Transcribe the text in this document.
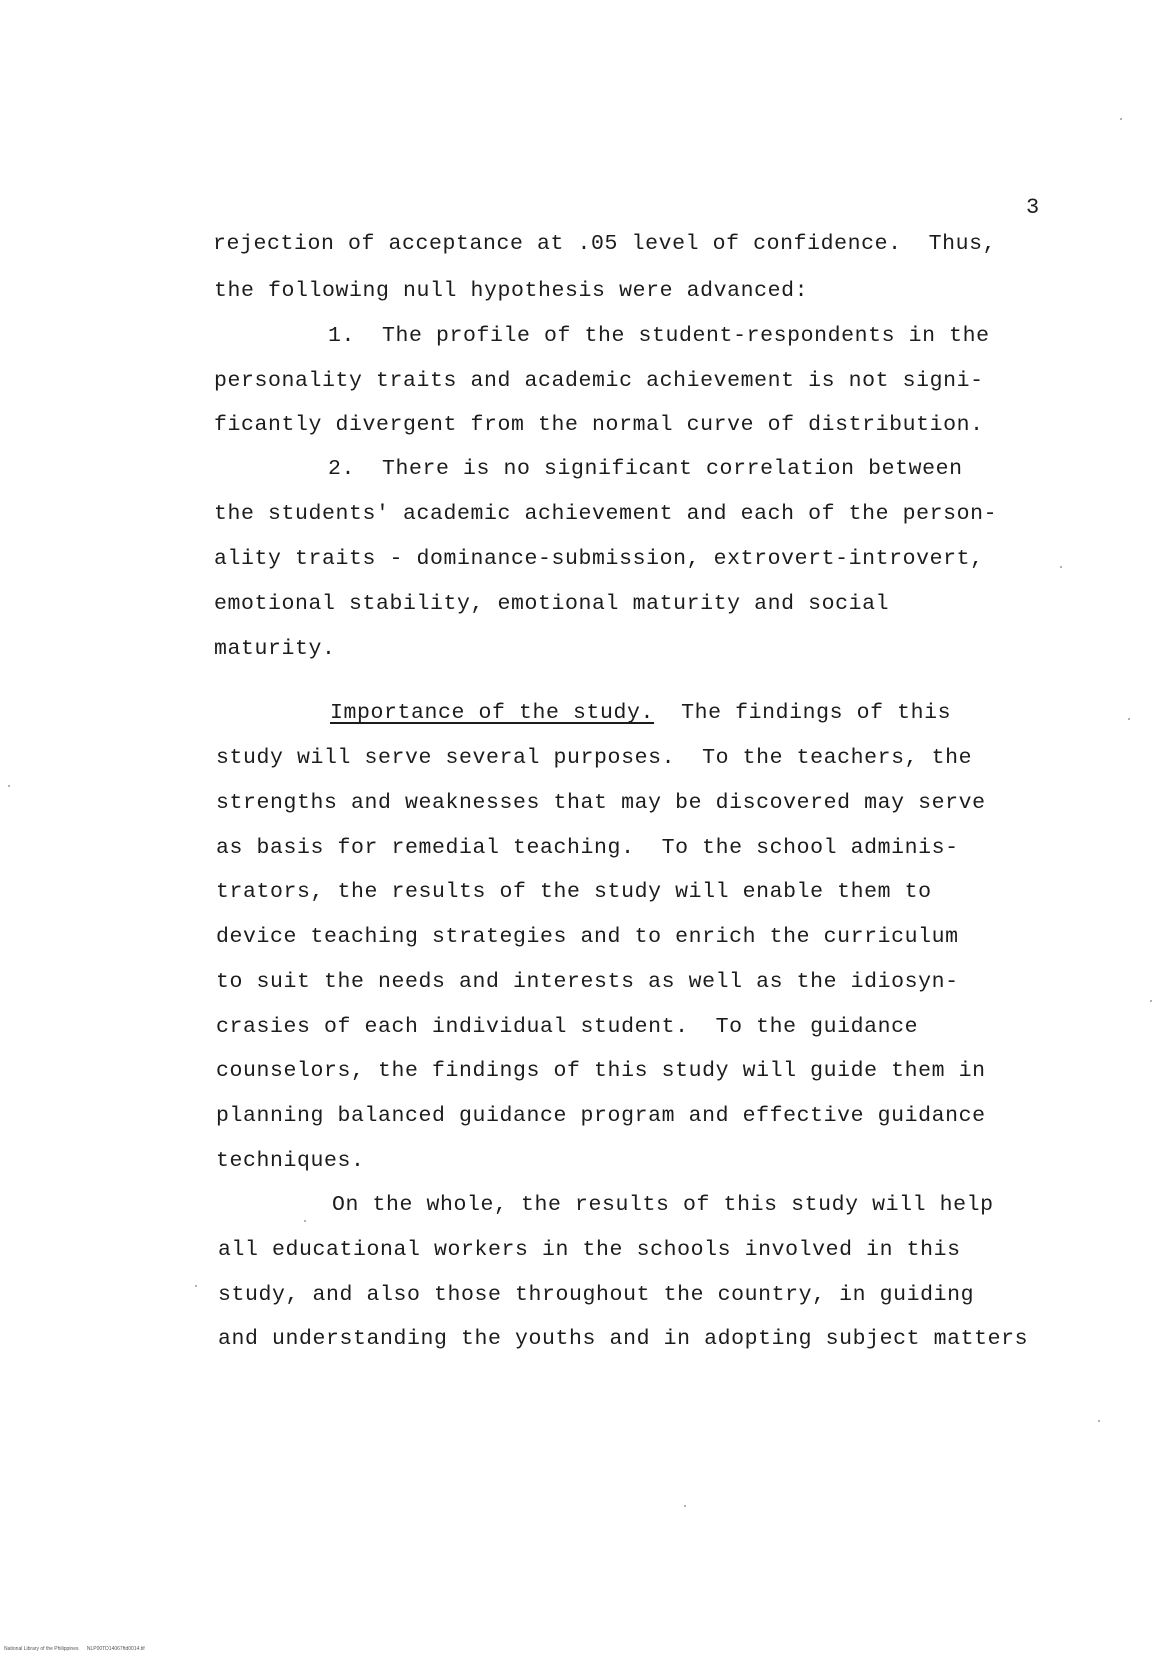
3
rejection of acceptance at .05 level of confidence.  Thus,
the following null hypothesis were advanced:
1.  The profile of the student-respondents in the
personality traits and academic achievement is not signi-
ficantly divergent from the normal curve of distribution.
2.  There is no significant correlation between
the students' academic achievement and each of the person-
ality traits - dominance-submission, extrovert-introvert,
emotional stability, emotional maturity and social
maturity.
Importance of the study.  The findings of this
study will serve several purposes.  To the teachers, the
strengths and weaknesses that may be discovered may serve
as basis for remedial teaching.  To the school adminis-
trators, the results of the study will enable them to
device teaching strategies and to enrich the curriculum
to suit the needs and interests as well as the idiosyn-
crasies of each individual student.  To the guidance
counselors, the findings of this study will guide them in
planning balanced guidance program and effective guidance
techniques.
On the whole, the results of this study will help
all educational workers in the schools involved in this
study, and also those throughout the country, in guiding
and understanding the youths and in adopting subject matters
National Library of the Philippines NLP00TD14067ftd0014.tif
